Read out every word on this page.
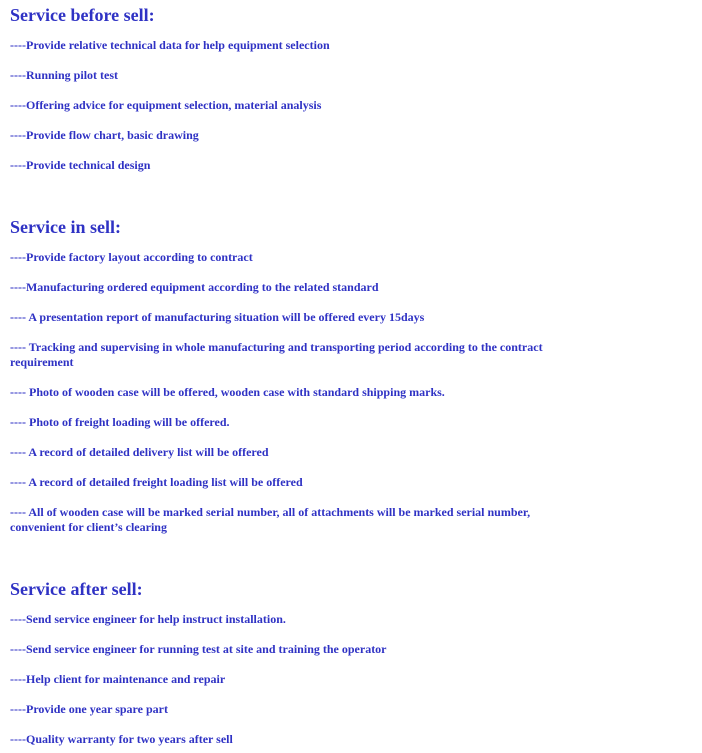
Service before sell:

----Provide relative technical data for help equipment selection

----Running pilot test

----Offering advice for equipment selection, material analysis

----Provide flow chart, basic drawing

----Provide technical design

Service in sell:

----Provide factory layout according to contract

----Manufacturing ordered equipment according to the related standard

---- A presentation report of manufacturing situation will be offered every 15days

---- Tracking and supervising in whole manufacturing and transporting period according to the contract requirement

---- Photo of wooden case will be offered, wooden case with standard shipping marks.

---- Photo of freight loading will be offered.

---- A record of detailed delivery list will be offered

---- A record of detailed freight loading list will be offered

---- All of wooden case will be marked serial number, all of attachments will be marked serial number, convenient for client’s clearing

Service after sell:

----Send service engineer for help instruct installation.

----Send service engineer for running test at site and training the operator

----Help client for maintenance and repair

----Provide one year spare part

----Quality warranty for two years after sell
